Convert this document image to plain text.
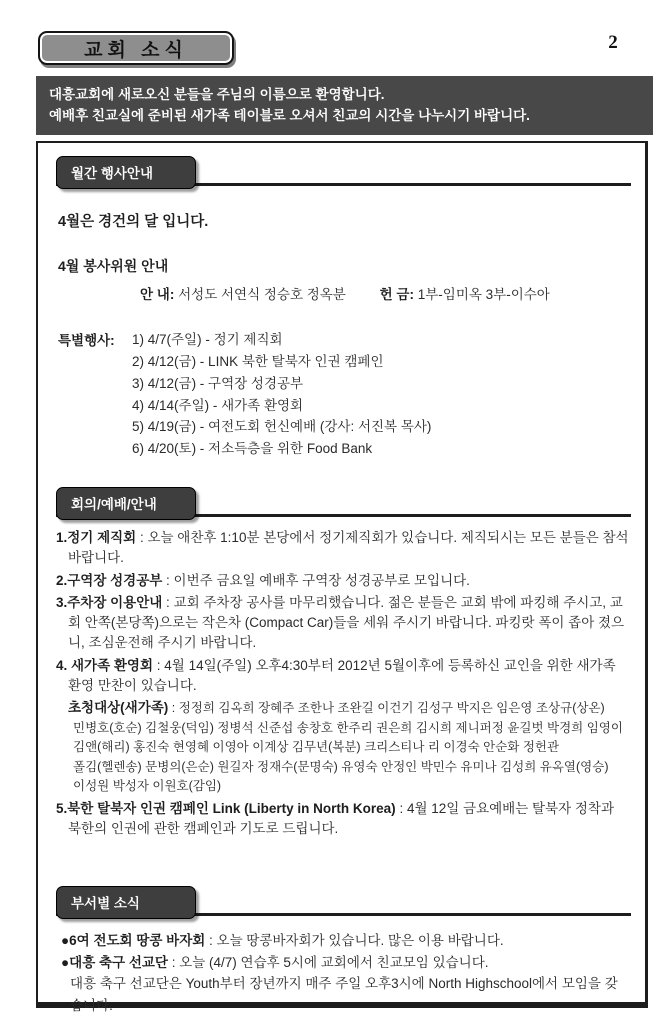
교회 소식	2
대흥교회에 새로오신 분들을 주님의 이름으로 환영합니다.
예배후 친교실에 준비된 새가족 테이블로 오셔서 친교의 시간을 나누시기 바랍니다.
월간 행사안내
4월은 경건의 달 입니다.
4월 봉사위원 안내
안 내: 서성도 서연식 정승호 정옥분	헌 금: 1부-임미옥 3부-이수아
특별행사:	1) 4/7(주일) - 정기 제직회
2) 4/12(금) - LINK 북한 탈북자 인권 캠페인
3) 4/12(금) - 구역장 성경공부
4) 4/14(주일) - 새가족 환영회
5) 4/19(금) - 여전도회 헌신예배 (강사: 서진복 목사)
6) 4/20(토) - 저소득층을 위한 Food Bank
회의/예배/안내
1.정기 제직회 : 오늘 애찬후 1:10분 본당에서 정기제직회가 있습니다. 제직되시는 모든 분들은 참석 바랍니다.
2.구역장 성경공부 : 이번주 금요일 예배후 구역장 성경공부로 모입니다.
3.주차장 이용안내 : 교회 주차장 공사를 마무리했습니다. 젊은 분들은 교회 밖에 파킹해 주시고, 교회 안쪽(본당쪽)으로는 작은차 (Compact Car)들을 세워 주시기 바랍니다. 파킹랏 폭이 좁아 졌으니, 조심운전해 주시기 바랍니다.
4. 새가족 환영회 : 4월 14일(주일) 오후4:30부터 2012년 5월이후에 등록하신 교인을 위한 새가족 환영 만찬이 있습니다.
초청대상(새가족) : 정정희 김옥희 장혜주 조한나 조완길 이건기 김성구 박지은 임은영 조상규(상온)
민병호(호순) 김철웅(덕임) 정병석 신준섭 송창호 한주리 권은희 김시희 제니퍼정 윤길벗 박경희 임영이
김앤(해리) 홍진숙 현영혜 이영아 이계상 김무년(복분) 크리스티나 리 이경숙 안순화 정헌관
폴김(헬렌송) 문병의(은순) 원길자 정재수(문명숙) 유영숙 안정인 박민수 유미나 김성희 유옥열(영승)
이성원 박성자 이원호(감임)
5.북한 탈북자 인권 캠페인 Link (Liberty in North Korea) : 4월 12일 금요예배는 탈북자 정착과 북한의 인권에 관한 캠페인과 기도로 드립니다.
부서별 소식
●6여 전도회 땅콩 바자회 : 오늘 땅콩바자회가 있습니다. 많은 이용 바랍니다.
●대흥 축구 선교단 : 오늘 (4/7) 연습후 5시에 교회에서 친교모임 있습니다.
대흥 축구 선교단은 Youth부터 장년까지 매주 주일 오후3시에 North Highschool에서 모임을 갖습니다.
